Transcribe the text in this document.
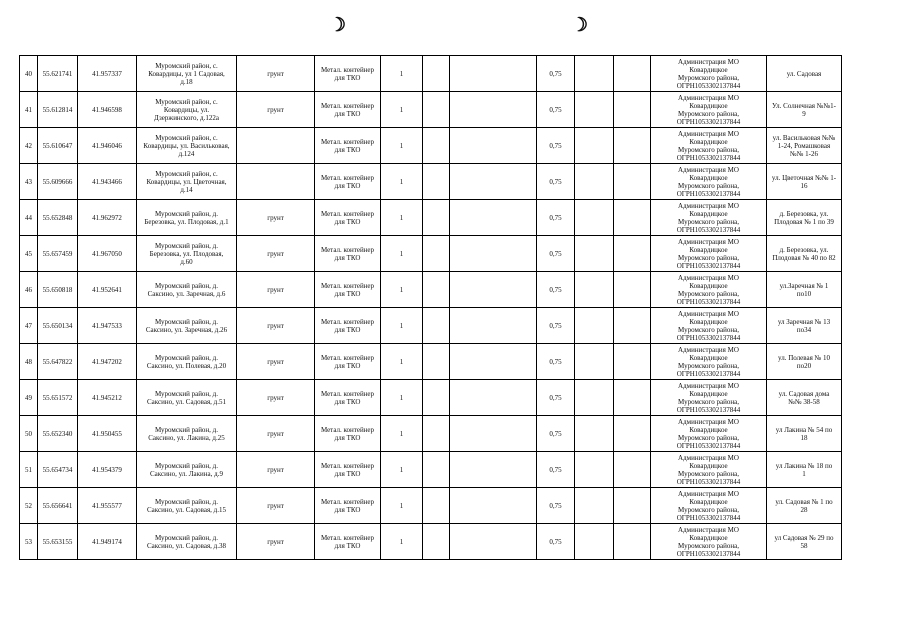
☽	☽
40	55.621741	41.957337	Муромский район, с.
Ковардицы, ул 1 Садовая,
д.18	грунт	Метал. контейнер
для ТКО	1			0,75			Администрация МО
Ковардицкое
Муромского района,
ОГРН1053302137844	ул. Садовая
41	55.612814	41.946598	Муромский район, с.
Ковардицы, ул.
Дзержинского, д.122а	грунт	Метал. контейнер
для ТКО	1			0,75			Администрация МО
Ковардицкое
Муромского района,
ОГРН1053302137844	Ул. Солнечная №№1-
9
42	55.610647	41.946046	Муромский район, с.
Ковардицы, ул. Васильковая,
д.124		Метал. контейнер
для ТКО	1			0,75			Администрация МО
Ковардицкое
Муромского района,
ОГРН1053302137844	ул. Васильковая №№
1-24, Ромашковая
№№ 1-26
43	55.609666	41.943466	Муромский район, с.
Ковардицы, ул. Цветочная,
д.14		Метал. контейнер
для ТКО	1			0,75			Администрация МО
Ковардицкое
Муромского района,
ОГРН1053302137844	ул. Цветочная №№ 1-
16
44	55.652848	41.962972	Муромский район, д.
Березовка, ул. Плодовая, д.1	грунт	Метал. контейнер
для ТКО	1			0,75			Администрация МО
Ковардицкое
Муромского района,
ОГРН1053302137844	д. Березовка, ул.
Плодовая № 1 по 39
45	55.657459	41.967050	Муромский район, д.
Березовка, ул. Плодовая,
д.60	грунт	Метал. контейнер
для ТКО	1			0,75			Администрация МО
Ковардицкое
Муромского района,
ОГРН1053302137844	д. Березовка, ул.
Плодовая № 40 по 82
46	55.650818	41.952641	Муромский район, д.
Саксино, ул. Заречная, д.6	грунт	Метал. контейнер
для ТКО	1			0,75			Администрация МО
Ковардицкое
Муромского района,
ОГРН1053302137844	ул.Заречная № 1
по10
47	55.650134	41.947533	Муромский район, д.
Саксино, ул. Заречная, д.26	грунт	Метал. контейнер
для ТКО	1			0,75			Администрация МО
Ковардицкое
Муромского района,
ОГРН1053302137844	ул Заречная № 13
по34
48	55.647822	41.947202	Муромский район, д.
Саксино, ул. Полевая, д.20	грунт	Метал. контейнер
для ТКО	1			0,75			Администрация МО
Ковардицкое
Муромского района,
ОГРН1053302137844	ул. Полевая № 10
по20
49	55.651572	41.945212	Муромский район, д.
Саксино, ул. Садовая, д.51	грунт	Метал. контейнер
для ТКО	1			0,75			Администрация МО
Ковардицкое
Муромского района,
ОГРН1053302137844	ул. Садовая дома
№№ 38-58
50	55.652340	41.950455	Муромский район, д.
Саксино, ул. Лакина, д.25	грунт	Метал. контейнер
для ТКО	1			0,75			Администрация МО
Ковардицкое
Муромского района,
ОГРН1053302137844	ул Лакина № 54 по
18
51	55.654734	41.954379	Муромский район, д.
Саксино, ул. Лакина, д.9	грунт	Метал. контейнер
для ТКО	1			0,75			Администрация МО
Ковардицкое
Муромского района,
ОГРН1053302137844	ул Лакина № 18 по
1
52	55.656641	41.955577	Муромский район, д.
Саксино, ул. Садовая, д.15	грунт	Метал. контейнер
для ТКО	1			0,75			Администрация МО
Ковардицкое
Муромского района,
ОГРН1053302137844	ул. Садовая № 1 по
28
53	55.653155	41.949174	Муромский район, д.
Саксино, ул. Садовая, д.38	грунт	Метал. контейнер
для ТКО	1			0,75			Администрация МО
Ковардицкое
Муромского района,
ОГРН1053302137844	ул Садовая № 29 по
58
